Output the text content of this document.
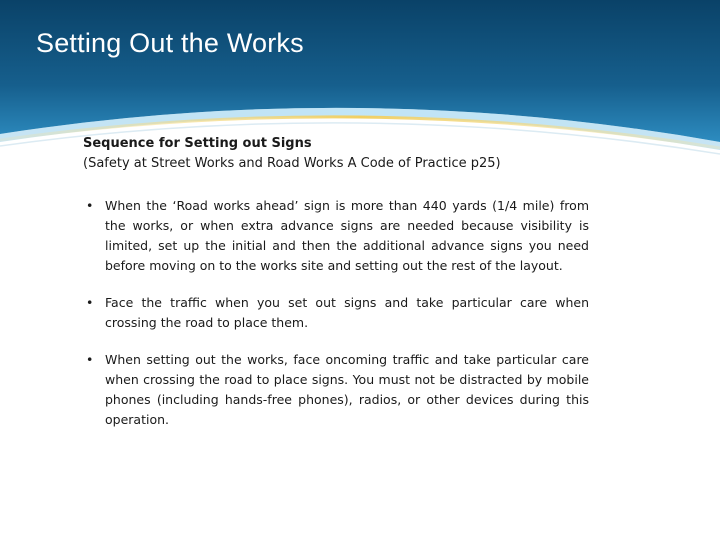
Setting Out the Works
Sequence for Setting out Signs
(Safety at Street Works and Road Works A Code of Practice p25)
• When the ‘Road works ahead’ sign is more than 440 yards (1/4 mile) from the works, or when extra advance signs are needed because visibility is limited, set up the initial and then the additional advance signs you need before moving on to the works site and setting out the rest of the layout.
• Face the traffic when you set out signs and take particular care when crossing the road to place them.
• When setting out the works, face oncoming traffic and take particular care when crossing the road to place signs. You must not be distracted by mobile phones (including hands-free phones), radios, or other devices during this operation.
